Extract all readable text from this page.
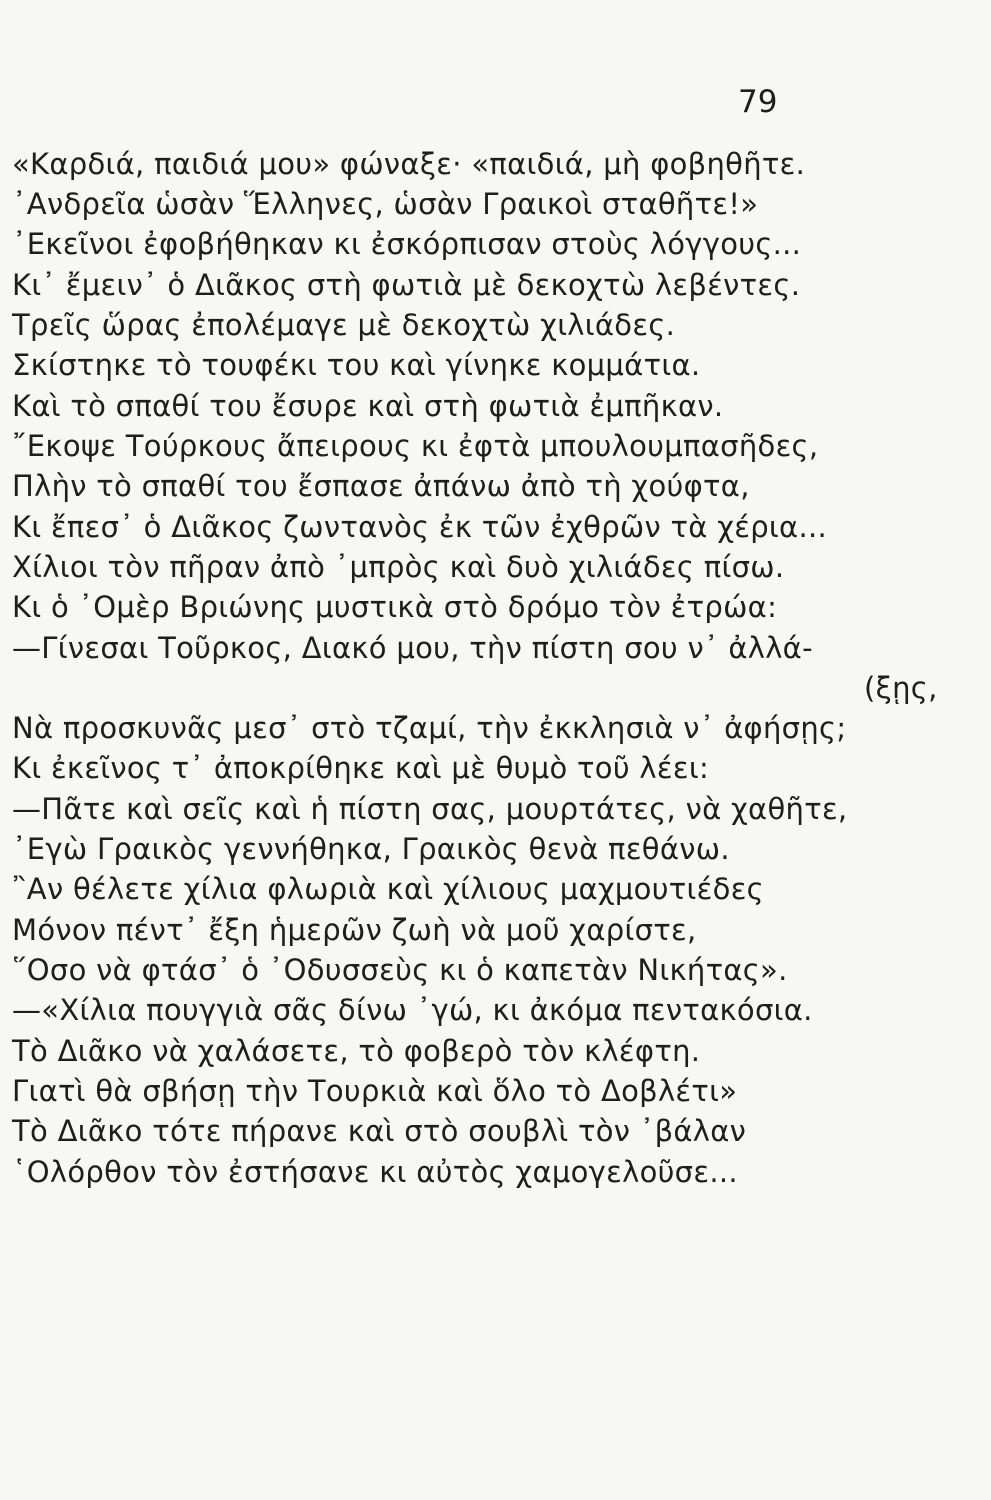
79
«Καρδιά, παιδιά μου» φώναξε· «παιδιά, μὴ φοβηθῆτε.
᾿Ανδρεῖα ὡσὰν Ἕλληνες, ὡσὰν Γραικοὶ σταθῆτε!»
᾿Εκεῖνοι ἐφοβήθηκαν κι ἐσκόρπισαν στοὺς λόγγους...
Κι᾿ ἔμειν᾿ ὁ Διᾶκος στὴ φωτιὰ μὲ δεκοχτὼ λεβέντες.
Τρεῖς ὥρας ἐπολέμαγε μὲ δεκοχτὼ χιλιάδες.
Σκίστηκε τὸ τουφέκι του καὶ γίνηκε κομμάτια.
Καὶ τὸ σπαθί του ἔσυρε καὶ στὴ φωτιὰ ἐμπῆκαν.
῎Εκοψε Τούρκους ἄπειρους κι ἐφτὰ μπουλουμπασῆδες,
Πλὴν τὸ σπαθί του ἔσπασε ἀπάνω ἀπὸ τὴ χούφτα,
Κι ἔπεσ᾿ ὁ Διᾶκος ζωντανὸς ἐκ τῶν ἐχθρῶν τὰ χέρια...
Χίλιοι τὸν πῆραν ἀπὸ ᾿μπρὸς καὶ δυὸ χιλιάδες πίσω.
Κι ὁ ᾿Ομὲρ Βριώνης μυστικὰ στὸ δρόμο τὸν ἐτρώα:
—Γίνεσαι Τοῦρκος, Διακό μου, τὴν πίστη σου ν᾿ ἀλλά-
(ξῃς,
Νὰ προσκυνᾶς μεσ᾿ στὸ τζαμί, τὴν ἐκκλησιὰ ν᾿ ἀφήσῃς;
Κι ἐκεῖνος τ᾿ ἀποκρίθηκε καὶ μὲ θυμὸ τοῦ λέει:
—Πᾶτε καὶ σεῖς καὶ ἡ πίστη σας, μουρτάτες, νὰ χαθῆτε,
᾿Εγὼ Γραικὸς γεννήθηκα, Γραικὸς θενὰ πεθάνω.
῍Αν θέλετε χίλια φλωριὰ καὶ χίλιους μαχμουτιέδες
Μόνον πέντ᾿ ἔξη ἡμερῶν ζωὴ νὰ μοῦ χαρίστε,
῞Οσο νὰ φτάσ᾿ ὁ ᾿Οδυσσεὺς κι ὁ καπετὰν Νικήτας».
—«Χίλια πουγγιὰ σᾶς δίνω ᾿γώ, κι ἀκόμα πεντακόσια.
Τὸ Διᾶκο νὰ χαλάσετε, τὸ φοβερὸ τὸν κλέφτη.
Γιατὶ θὰ σβήσῃ τὴν Τουρκιὰ καὶ ὅλο τὸ Δοβλέτι»
Τὸ Διᾶκο τότε πήρανε καὶ στὸ σουβλὶ τὸν ᾿βάλαν
῾Ολόρθον τὸν ἐστήσανε κι αὐτὸς χαμογελοῦσε...
